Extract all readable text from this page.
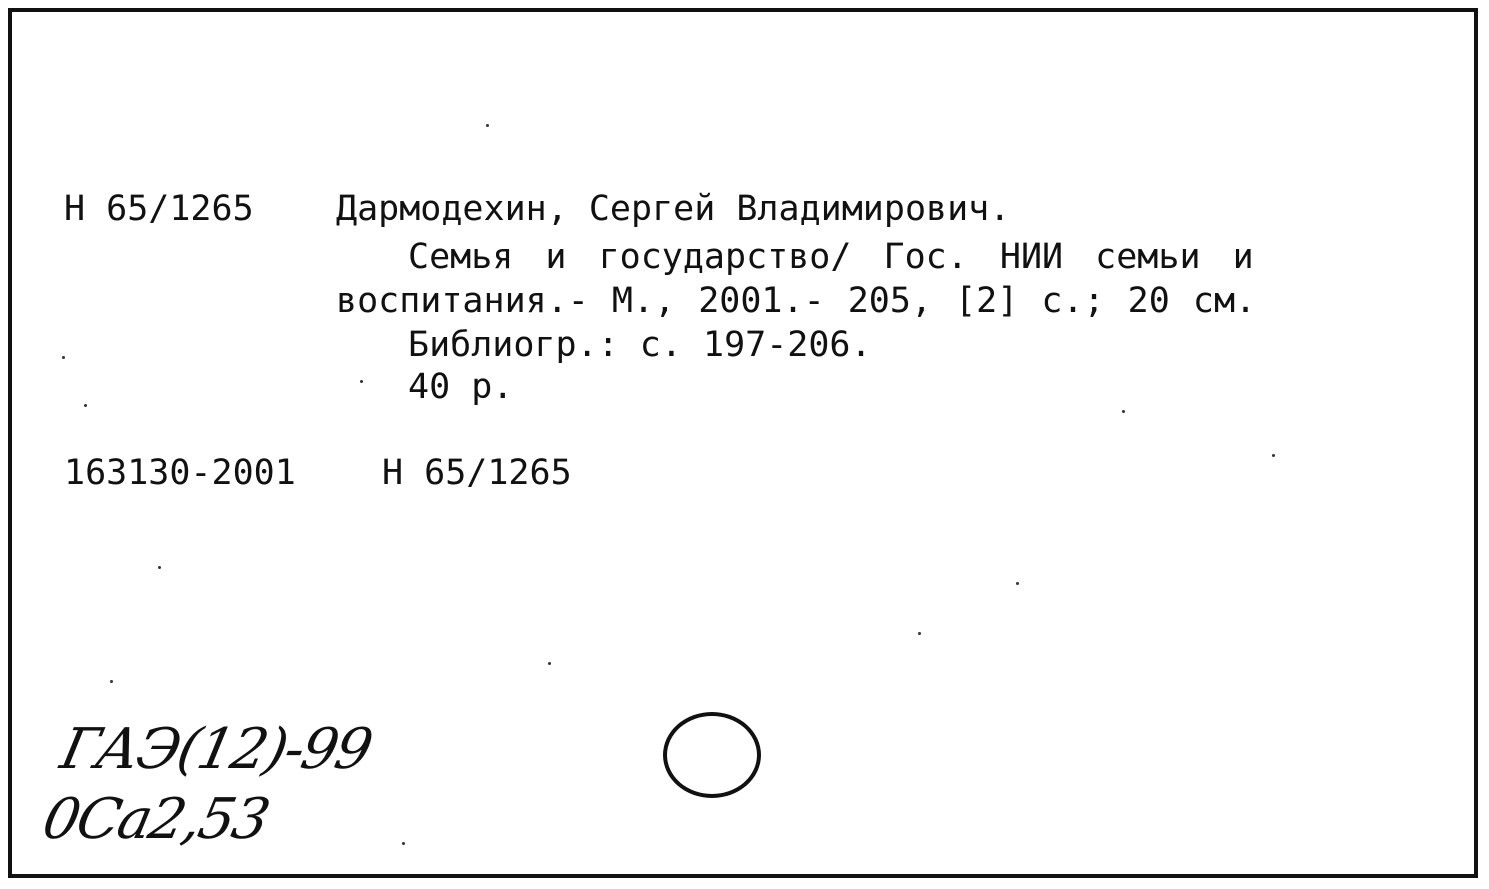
Н 65/1265 Дармодехин, Сергей Владимирович.
Семья и государство/ Гос. НИИ семьи и
воспитания.- М., 2001.- 205, [2] с.; 20 см.
Библиогр.: с. 197-206.
40 р.
163130-2001 Н 65/1265
ГАЭ(12)-99
0Са2,53
